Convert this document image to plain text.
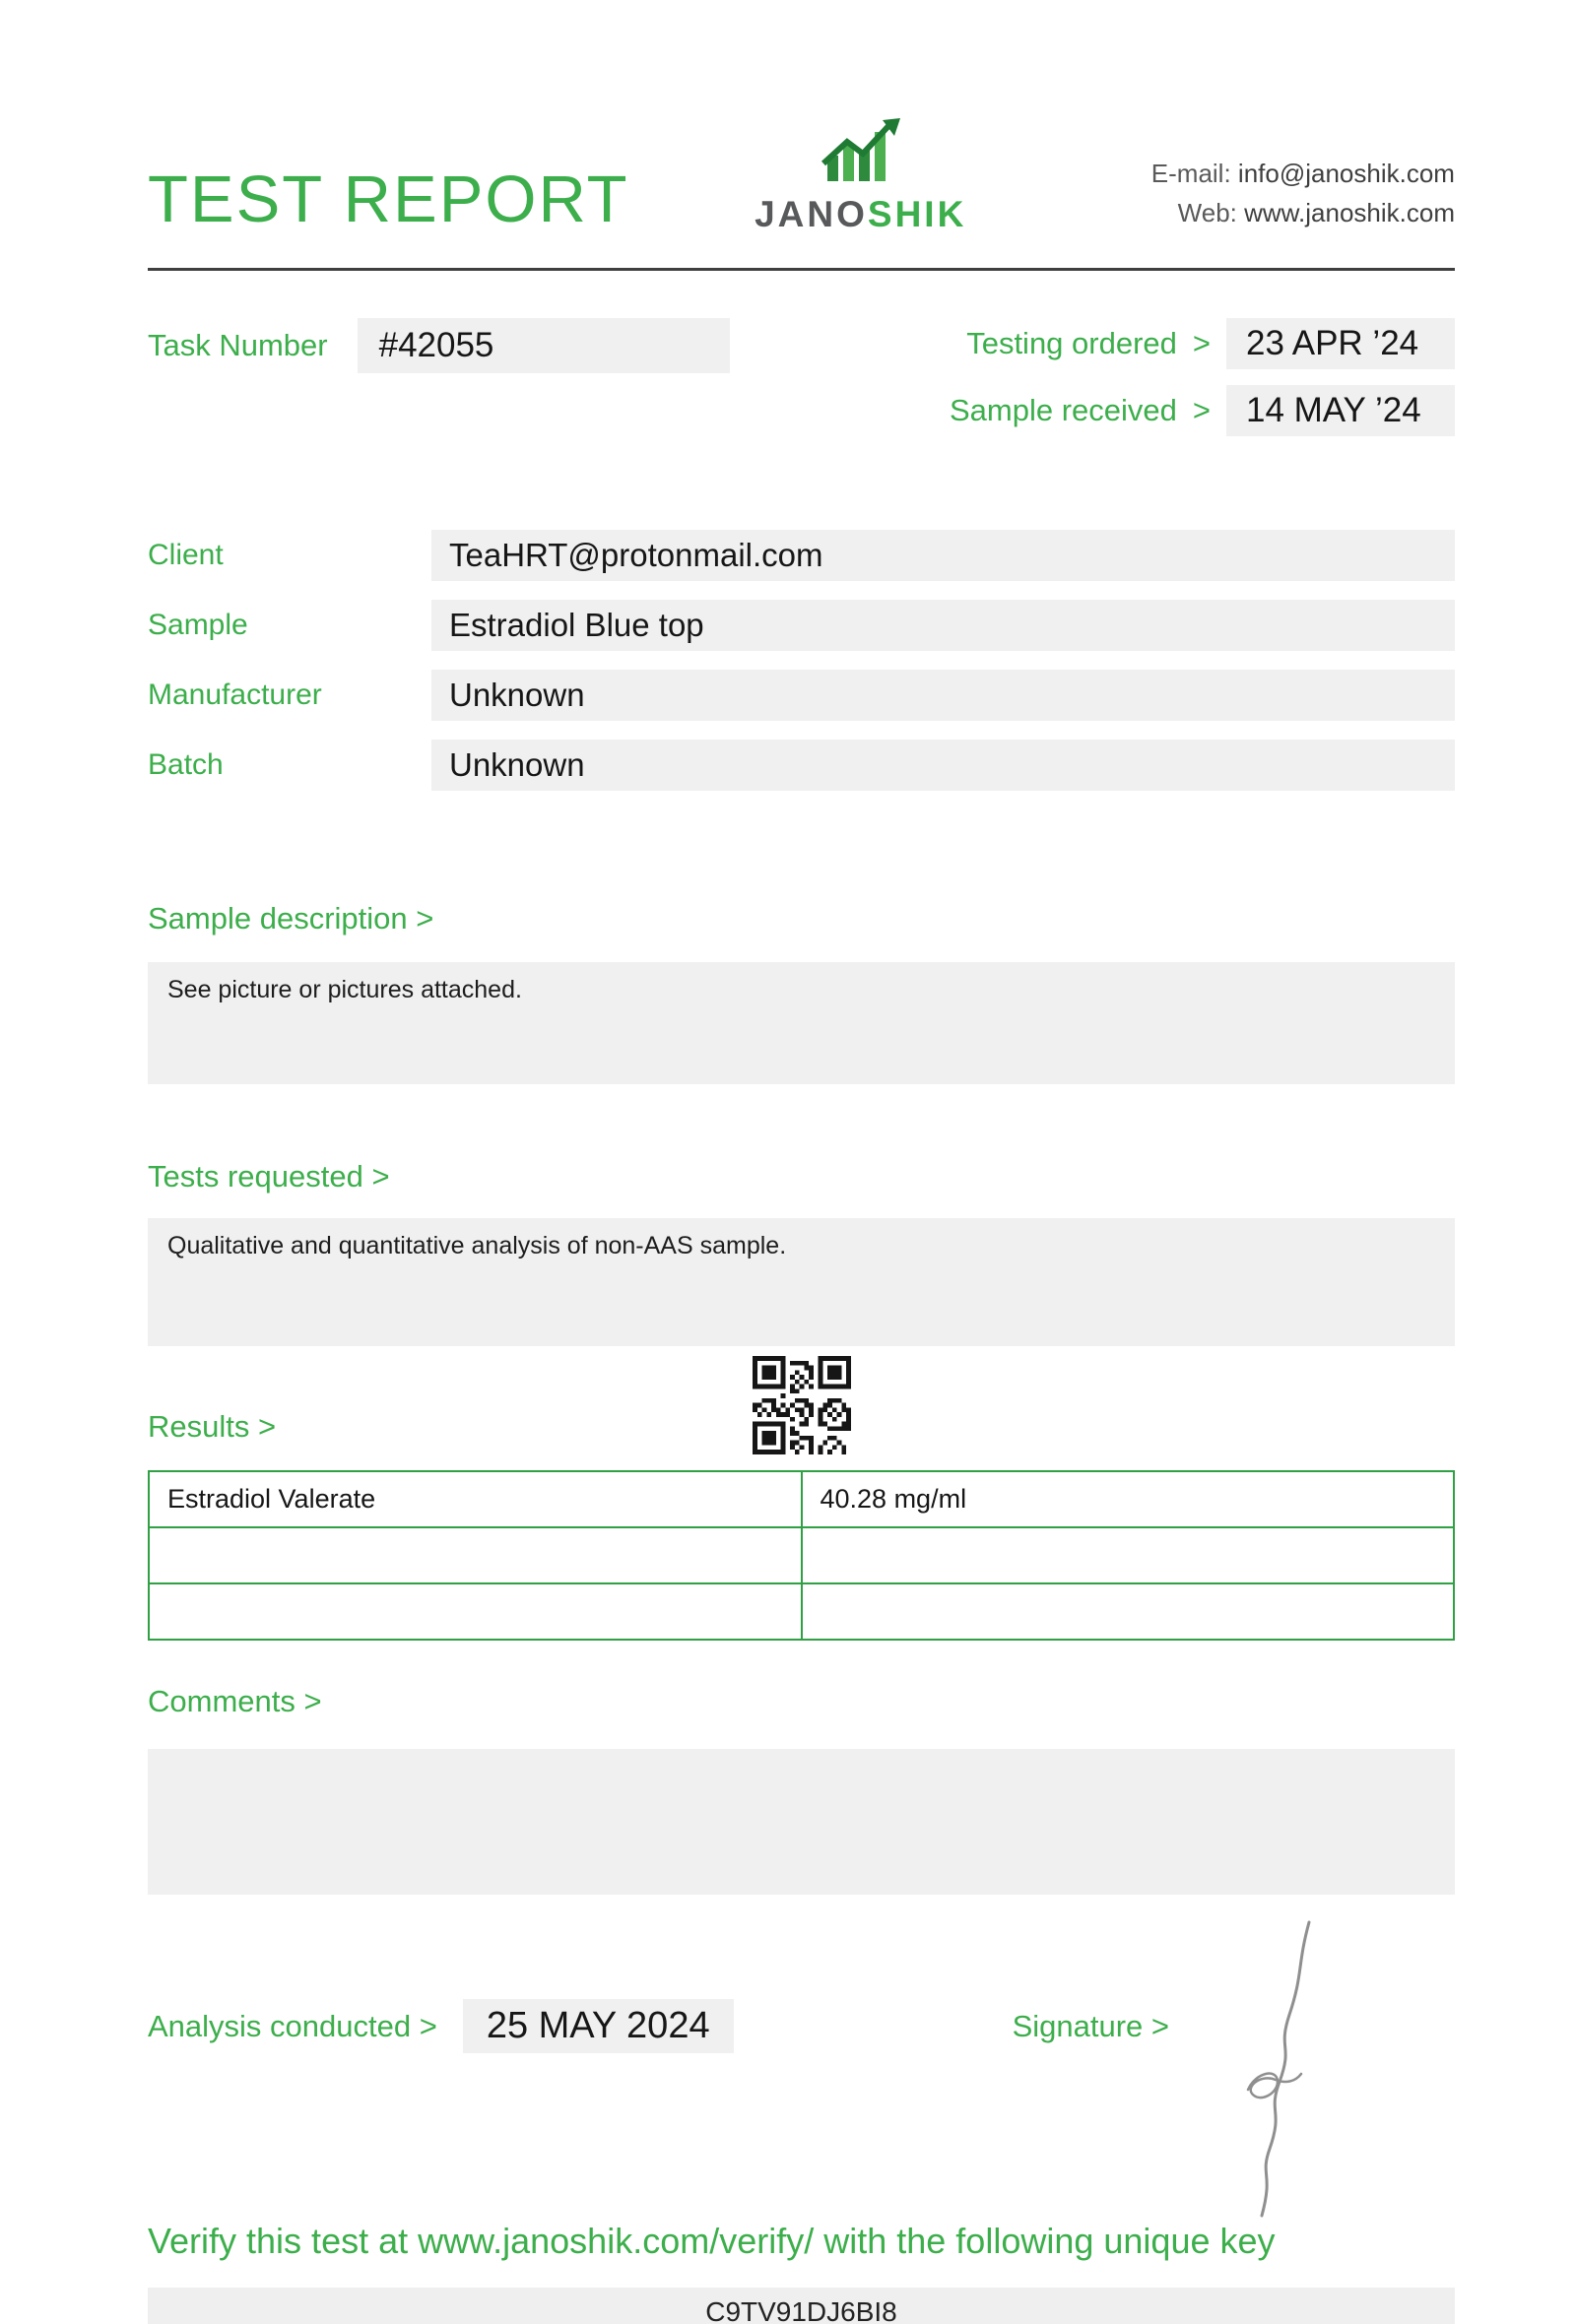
TEST REPORT	JANOSHIK
E-mail: info@janoshik.com
Web: www.janoshik.com
Task Number	#42055	Testing ordered >	23 APR ’24
Sample received >	14 MAY ’24
Client	TeaHRT@protonmail.com
Sample	Estradiol Blue top
Manufacturer	Unknown
Batch	Unknown
Sample description >
See picture or pictures attached.
Tests requested >
Qualitative and quantitative analysis of non-AAS sample.
Results >
Estradiol Valerate	40.28 mg/ml

Comments >
Analysis conducted >	25 MAY 2024	Signature >
Verify this test at www.janoshik.com/verify/ with the following unique key
C9TV91DJ6BI8
